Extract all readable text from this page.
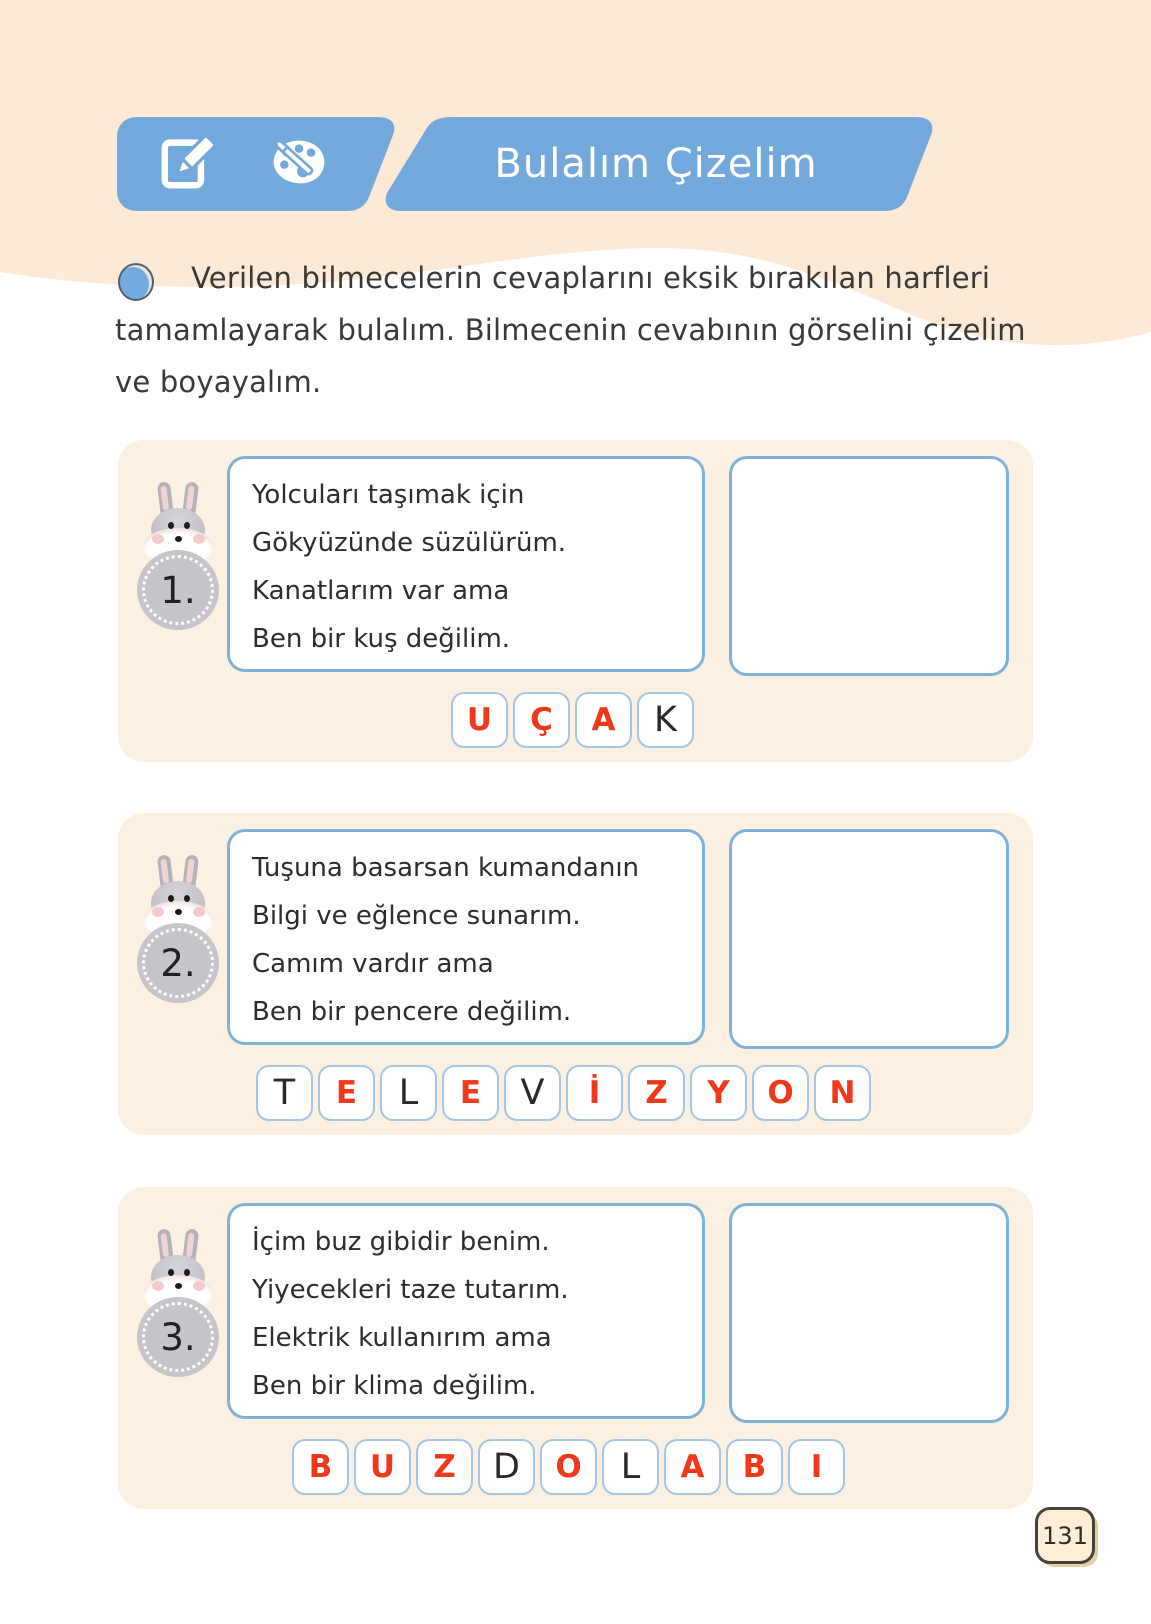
Bulalım Çizelim
Verilen bilmecelerin cevaplarını eksik bırakılan harfleri
tamamlayarak bulalım. Bilmecenin cevabının görselini çizelim
ve boyayalım.
1.

Yolcuları taşımak için

Gökyüzünde süzülürüm.

Kanatlarım var ama

Ben bir kuş değilim.

U Ç A K
2.

Tuşuna basarsan kumandanın

Bilgi ve eğlence sunarım.

Camım vardır ama

Ben bir pencere değilim.

T E L E V İ Z Y O N
3.

İçim buz gibidir benim.

Yiyecekleri taze tutarım.

Elektrik kullanırım ama

Ben bir klima değilim.

B U Z D O L A B I
131
